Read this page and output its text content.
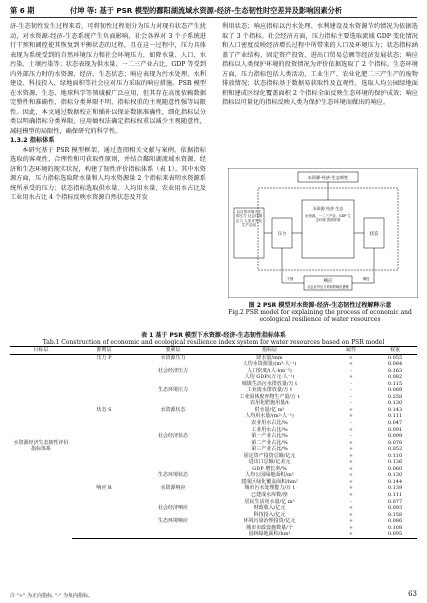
第 6 期	付坤 等: 基于 PSR 模型的鄱阳湖流域水资源-经济-生态韧性时空差异及影响因素分析

济-生态韧性发生过程来看，可将韧性过程划分为压力对现有状态产生扰动，对水资源-经济-生态系统产生负面影响，社会各界对 3 个子系统进行干预和调控使其恢复到平衡状态的过程，且在这一过程中，压力具体表现为系统受到的自然环境压力和社会环境压力，如降水量、人口、水污染、土壤污染等；状态表现为供水量、一二三产业占比、GDP 等受到内外部压力时的水资源、经济、生态状态；响应表现为污水处理、水利建设、科技投入、绿地面积等社会应对压力采取的响应措施。PSR 模型在水资源、生态、地球科学等领域被广泛应用，但其存在高度依赖数据完整性和准确性、指标分类界限不明、指标权重的主观随意性强等局限性。因此，本文通过数据校正和插补以保证数据准确性，细化指标层分类以明确指标分类界限，应用熵权法确定指标权重以减少主观随意性，减轻模型的局限性，确保研究的科学性。

1.3.2 指标体系

本研究基于 PSR 模型框架，通过查阅相关文献与案例，依据指标选取的客观性、合理性和可获取性原则，并结合鄱阳湖流域水资源、经济和生态环境的现实状况，构建了韧性评价指标体系（表 1）。其中水资源方面，压力指标选取降水量和人均水资源量 2 个指标来表明水资源系统所承受的压力；状态指标选取供水量、人均用水量、农业用水占比及工业用水占比 4 个指标反映水资源自然状态及开发

利用状态；响应指标以污水处理、水利建设及水资源节约情况为依据选取了 3 个指标。社会经济方面，压力指标主要选取流域 GDP 变化情况和人口密度反映经济增长过程中所带来的人口及环境压力；状态指标涵盖了产业结构、固定资产投资、进出口贸易总额等经济发展状态；响应指标以人类保护环境的投资情况为评价依据选取了 2 个指标。生态环境方面，压力指标包括人类活动、工业生产、农业化肥二三产生产的废物排放情况；状态指标基于数据易获取性及直观性，选取人均公园绿地面积和建成区绿化覆盖面积 2 个指标全面反映生态环境的保护成效；响应指标以可量化的指标反映人类为保护生态环境而做出的响应。

水资源-经济-生态韧性
以自然环境为主的压力 社会环境压力 人类开发及生产活动
压力
水资源 经济 生态
水资源、一二三产业、GDP 生态环境 资源环境
状态
响应
社会应对压力采取的响应措施
干预	调控
图 2 PSR 模型对水资源-经济-生态韧性过程解释示意
Fig.2 PSR model for explaining the process of economic and
ecological resilience of water resources
表 1 基于 PSR 模型下水资源-经济-生态韧性指标体系
Tab.1 Construction of economic and ecological resilience index system for water resources based on PSR model
目标层	准则层	要素层	指标层	属性	权重
水资源经济生态韧性评价指标体系	压力 P	水资源压力	降水量/mm	+	0.055
			人均水资源量/(m³·人⁻¹)	+	0.084
		社会经济压力	人口密度/(人·km⁻²)	-	0.163
			人均 GDP/(万元·人⁻¹)	+	0.082
			城镇生活污水排放量/万 t	-	0.115
		生态环境压力	工业废水排放量/万 t	-	0.089
			工业固体废弃物生产量/万 t	-	0.258
			农用化肥施用量/t	-	0.130
	状态 S	水资源状态	供水量/亿 m³	+	0.143
			人均用水量/(m³·人⁻¹)	+	0.111
			农业用水占比/%	-	0.047
			工业用水占比/%	+	0.091
		社会经济状态	第一产业占比/%	-	0.099
			第二产业占比/%	+	0.078
			第三产业占比/%	+	0.052
			固定资产投资总额/亿元	+	0.110
			进出口总额/亿美元	+	0.136
			GDP 增长率/%	+	0.060
		生态环境状态	人均公园绿地面积/m²	+	0.130
			建成区绿化覆盖面积/hm²	+	0.144
	响应 R	水资源响应	城市污水处理能力/万 t	+	0.139
			已建成水库数/座	+	0.111
			居民生活用水量/亿 m³	-	0.077
		社会经济响应	财政收入/亿元	+	0.093
			科技投入/亿元	+	0.158
		生态环境响应	环境污染治理投资/亿元	+	0.086
			城市市政设施数量/个	+	0.108
			园林绿地面积/hm²	+	0.095
注 "+" 为正向指标, "-" 为负向指标。	63
